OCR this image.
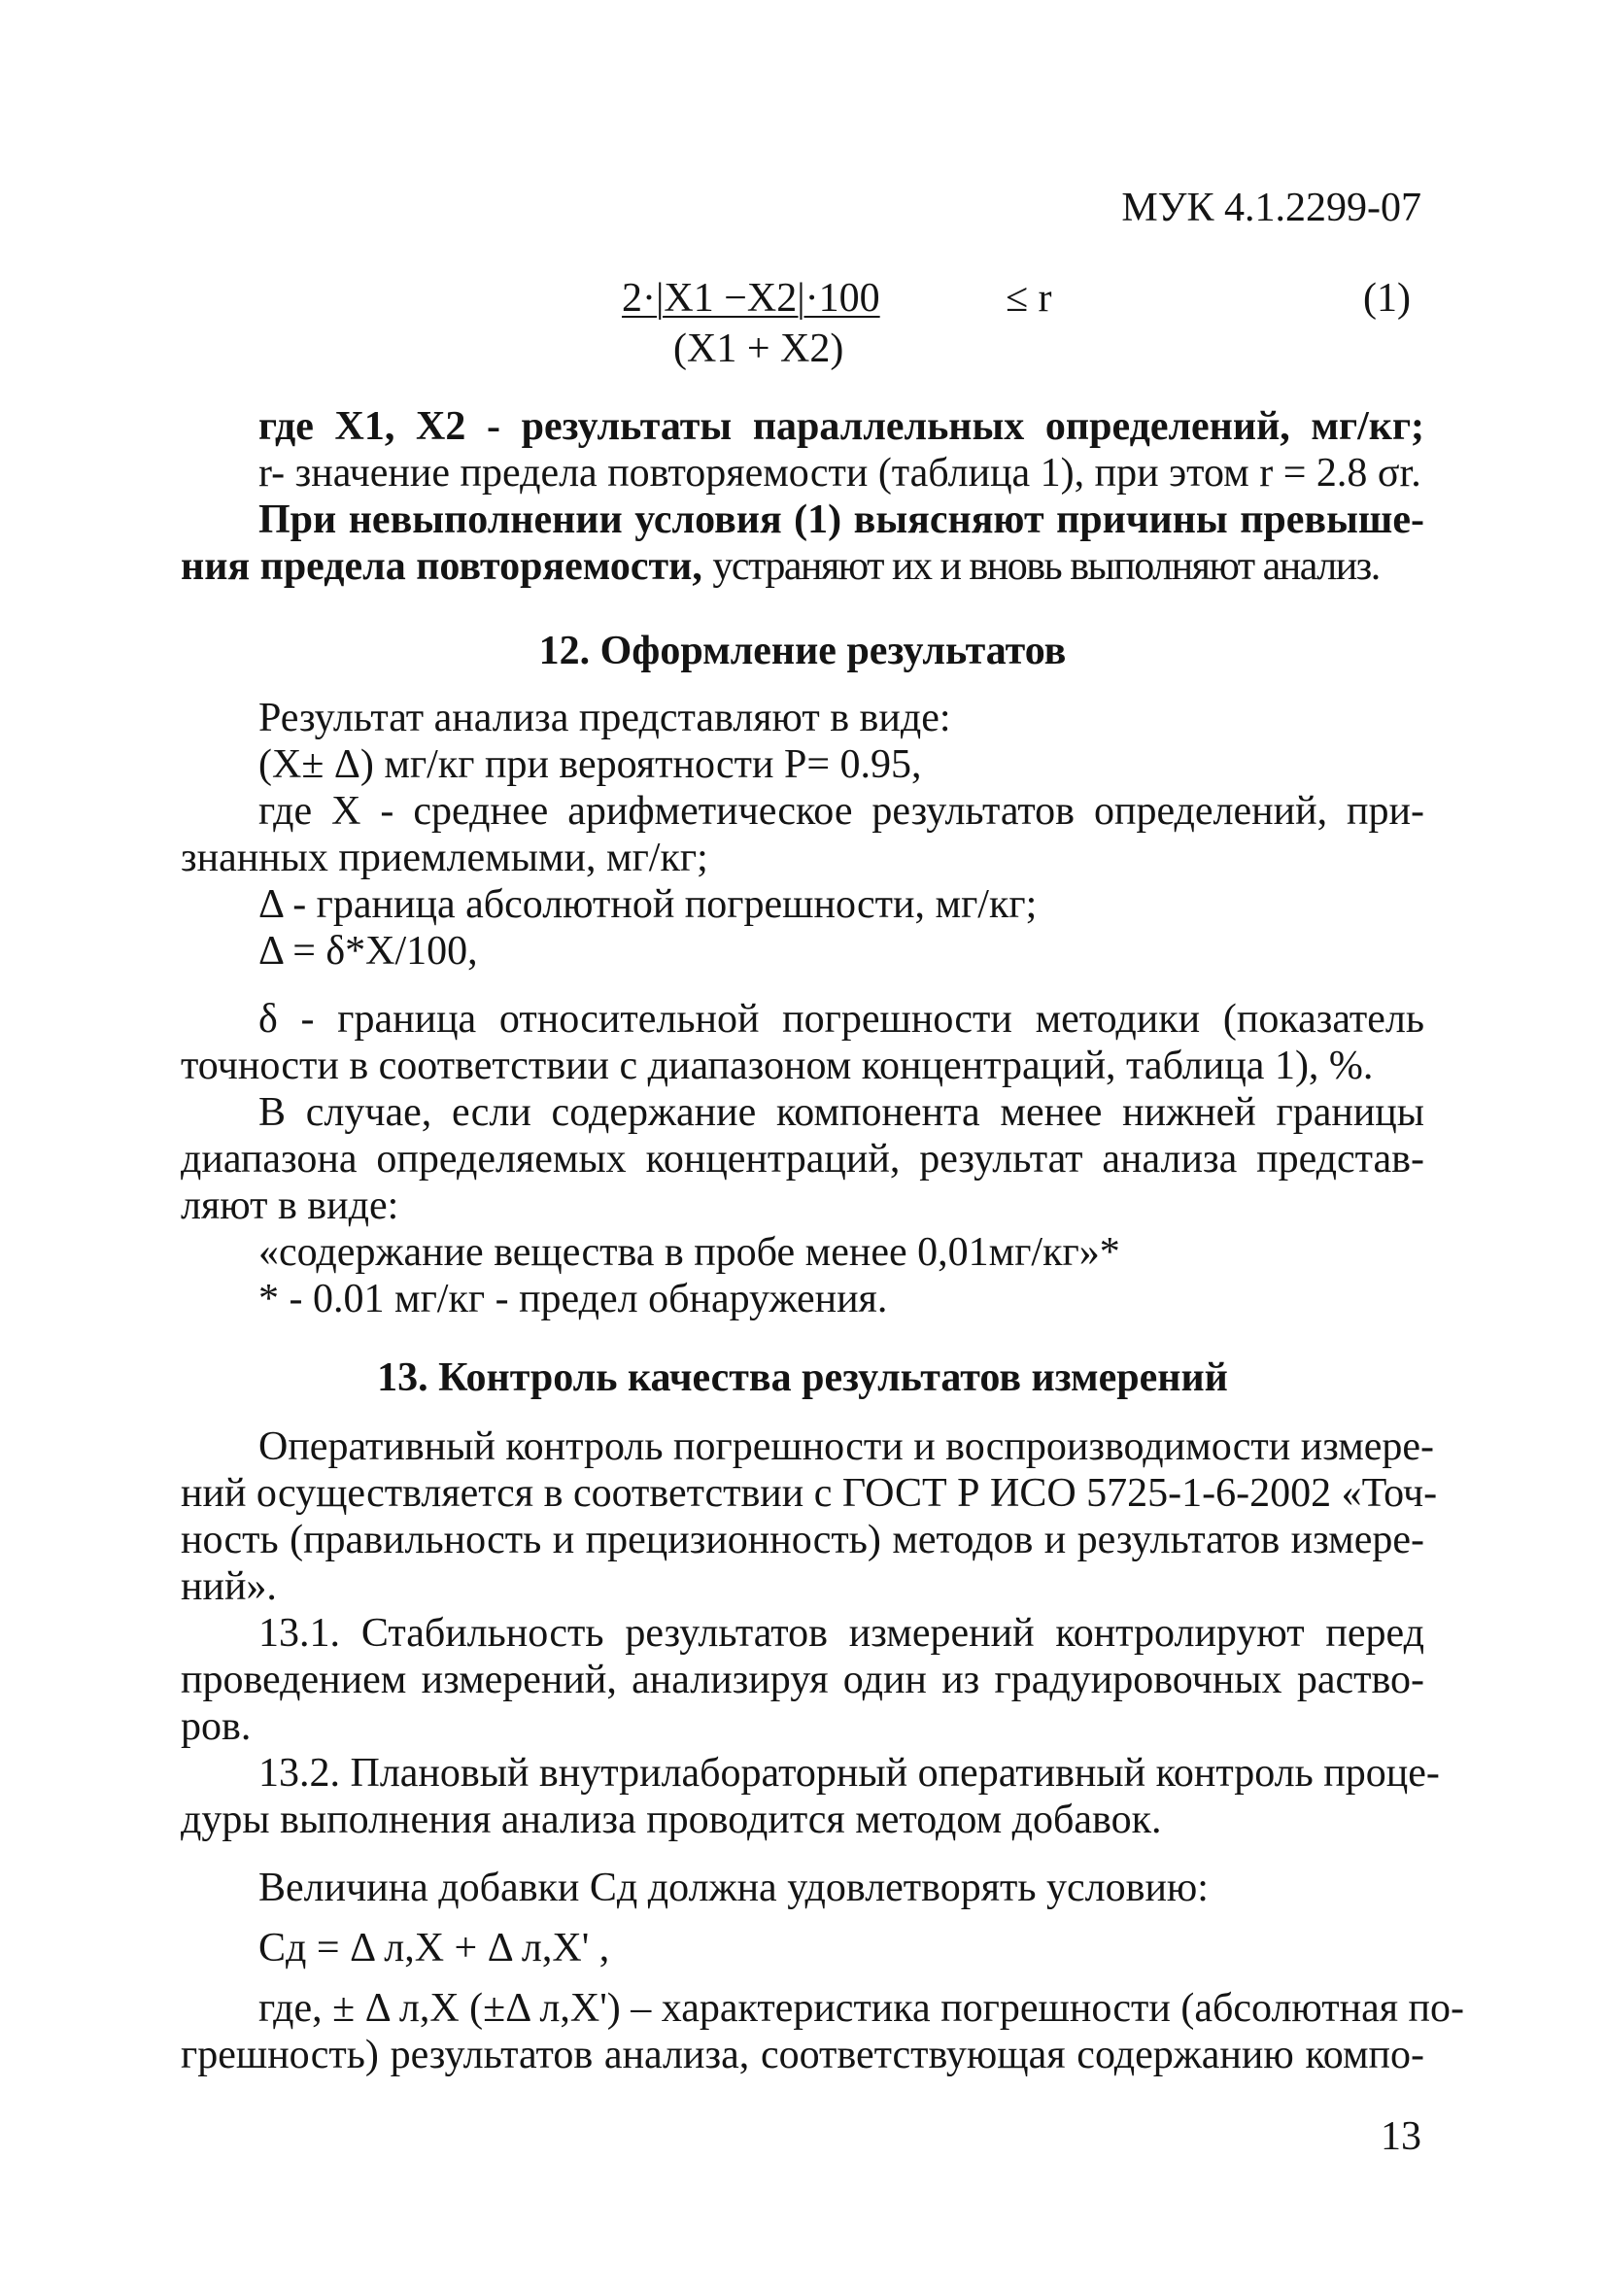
МУК 4.1.2299-07
2·|X1 −X2|·100
(X1 + X2)
≤ r	(1)
где X1, X2 - результаты параллельных определений, мг/кг;
r- значение предела повторяемости (таблица 1), при этом r = 2.8 σr.
При невыполнении условия (1) выясняют причины превыше-
ния предела повторяемости, устраняют их и вновь выполняют анализ.
12. Оформление результатов
Результат анализа представляют в виде:
(X± Δ) мг/кг при вероятности Р= 0.95,
где X - среднее арифметическое результатов определений, при-
знанных приемлемыми, мг/кг;
Δ - граница абсолютной погрешности, мг/кг;
Δ = δ*X/100,
δ - граница относительной погрешности методики (показатель
точности в соответствии с диапазоном концентраций, таблица 1), %.
В случае, если содержание компонента менее нижней границы
диапазона определяемых концентраций, результат анализа представ-
ляют в виде:
«содержание вещества в пробе менее 0,01мг/кг»*
* - 0.01 мг/кг - предел обнаружения.
13. Контроль качества результатов измерений
Оперативный контроль погрешности и воспроизводимости измере-
ний осуществляется в соответствии с ГОСТ Р ИСО 5725-1-6-2002 «Точ-
ность (правильность и прецизионность) методов и результатов измере-
ний».
13.1. Стабильность результатов измерений контролируют перед
проведением измерений, анализируя один из градуировочных раство-
ров.
13.2. Плановый внутрилабораторный оперативный контроль проце-
дуры выполнения анализа проводится методом добавок.
Величина добавки Сд должна удовлетворять условию:
Сд = Δ л,X + Δ л,X' ,
где, ± Δ л,X (±Δ л,X') – характеристика погрешности (абсолютная по-
грешность) результатов анализа, соответствующая содержанию компо-
13
